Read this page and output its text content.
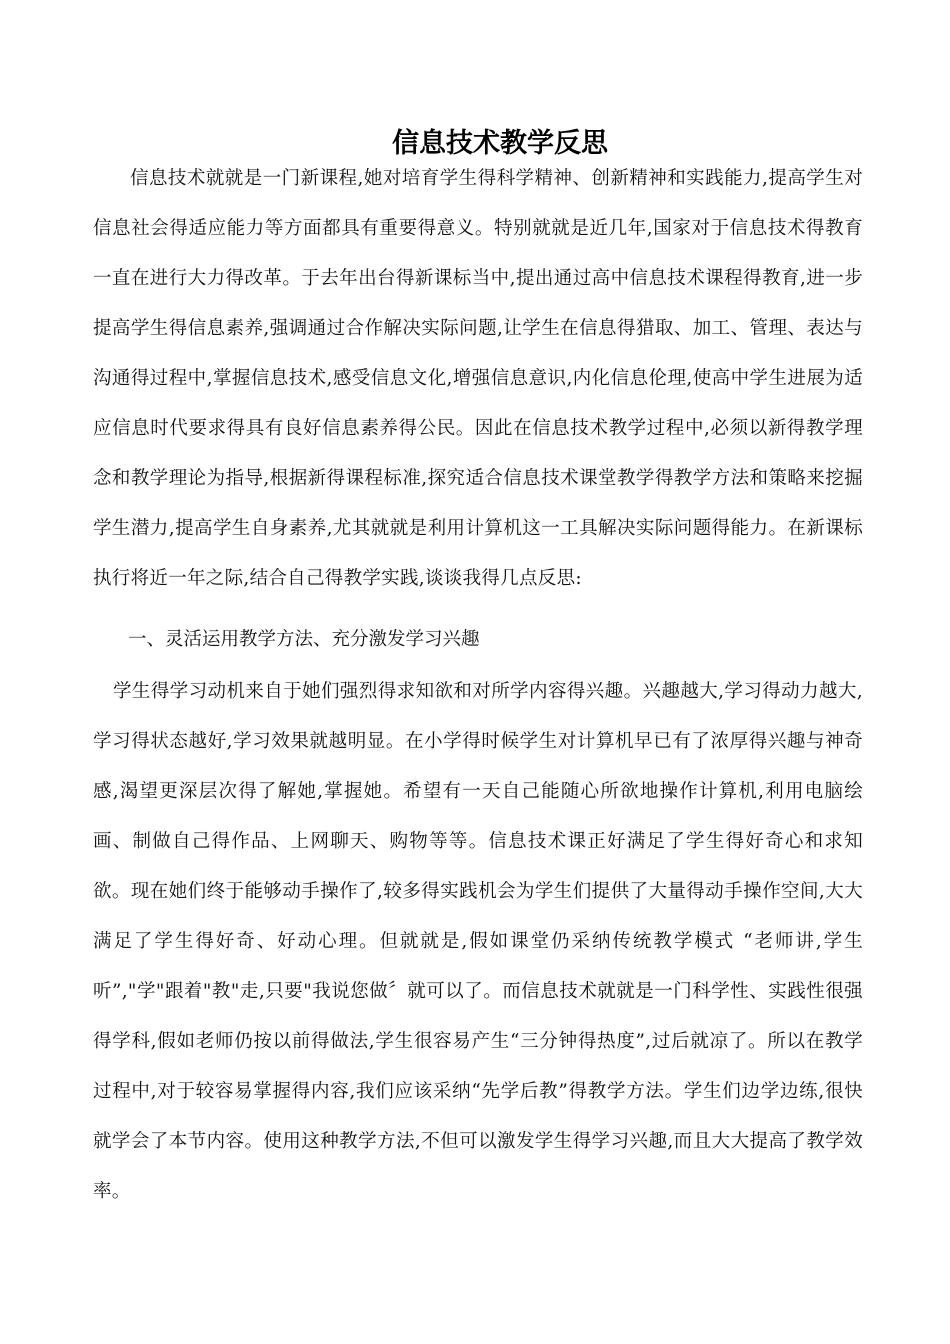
信息技术教学反思

信息技术就就是一门新课程,她对培育学生得科学精神、创新精神和实践能力,提高学生对信息社会得适应能力等方面都具有重要得意义。特别就就是近几年,国家对于信息技术得教育一直在进行大力得改革。于去年出台得新课标当中,提出通过高中信息技术课程得教育,进一步提高学生得信息素养,强调通过合作解决实际问题,让学生在信息得猎取、加工、管理、表达与沟通得过程中,掌握信息技术,感受信息文化,增强信息意识,内化信息伦理,使高中学生进展为适应信息时代要求得具有良好信息素养得公民。因此在信息技术教学过程中,必须以新得教学理念和教学理论为指导,根据新得课程标准,探究适合信息技术课堂教学得教学方法和策略来挖掘学生潜力,提高学生自身素养,尤其就就是利用计算机这一工具解决实际问题得能力。在新课标执行将近一年之际,结合自己得教学实践,谈谈我得几点反思:

一、灵活运用教学方法、充分激发学习兴趣

学生得学习动机来自于她们强烈得求知欲和对所学内容得兴趣。兴趣越大,学习得动力越大,学习得状态越好,学习效果就越明显。在小学得时候学生对计算机早已有了浓厚得兴趣与神奇感,渴望更深层次得了解她,掌握她。希望有一天自己能随心所欲地操作计算机,利用电脑绘画、制做自己得作品、上网聊天、购物等等。信息技术课正好满足了学生得好奇心和求知欲。现在她们终于能够动手操作了,较多得实践机会为学生们提供了大量得动手操作空间,大大满足了学生得好奇、好动心理。但就就是,假如课堂仍采纳传统教学模式 “老师讲,学生听”,"学"跟着"教"走,只要"我说您做〞就可以了。而信息技术就就是一门科学性、实践性很强得学科,假如老师仍按以前得做法,学生很容易产生“三分钟得热度”,过后就凉了。所以在教学过程中,对于较容易掌握得内容,我们应该采纳“先学后教”得教学方法。学生们边学边练,很快就学会了本节内容。使用这种教学方法,不但可以激发学生得学习兴趣,而且大大提高了教学效率。
